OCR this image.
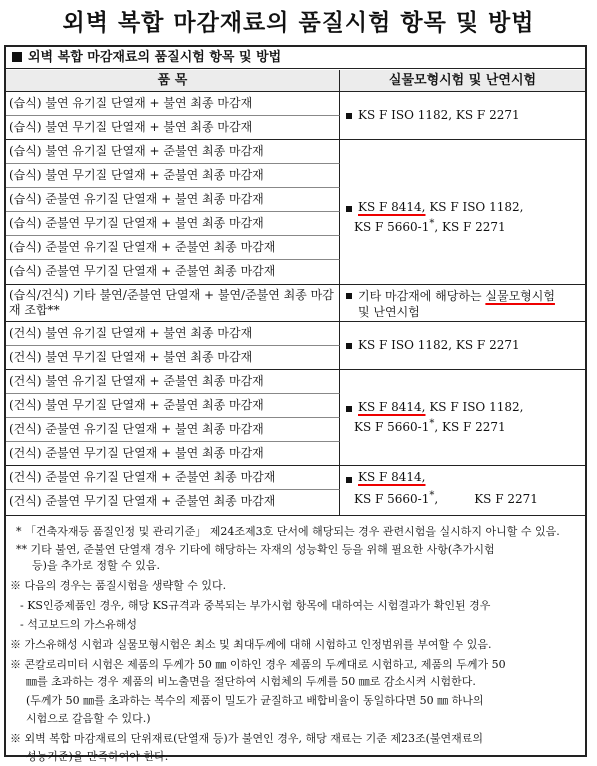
외벽 복합 마감재료의 품질시험 항목 및 방법
외벽 복합 마감재료의 품질시험 항목 및 방법
품 목	실물모형시험 및 난연시험
(습식) 불연 유기질 단열재 + 불연 최종 마감재
(습식) 불연 무기질 단열재 + 불연 최종 마감재
KS F ISO 1182, KS F 2271
(습식) 불연 유기질 단열재 + 준불연 최종 마감재
(습식) 불연 무기질 단열재 + 준불연 최종 마감재
(습식) 준불연 유기질 단열재 + 불연 최종 마감재
(습식) 준불연 무기질 단열재 + 불연 최종 마감재
(습식) 준불연 유기질 단열재 + 준불연 최종 마감재
(습식) 준불연 무기질 단열재 + 준불연 최종 마감재
KS F 8414, KS F ISO 1182,
KS F 5660-1*, KS F 2271
(습식/건식) 기타 불연/준불연 단열재 + 불연/준불연 최종 마감재 조합**
기타 마감재에 해당하는 실물모형시험
및 난연시험
(건식) 불연 유기질 단열재 + 불연 최종 마감재
(건식) 불연 무기질 단열재 + 불연 최종 마감재
KS F ISO 1182, KS F 2271
(건식) 불연 유기질 단열재 + 준불연 최종 마감재
(건식) 불연 무기질 단열재 + 준불연 최종 마감재
(건식) 준불연 유기질 단열재 + 불연 최종 마감재
(건식) 준불연 무기질 단열재 + 불연 최종 마감재
KS F 8414, KS F ISO 1182,
KS F 5660-1*, KS F 2271
(건식) 준불연 유기질 단열재 + 준불연 최종 마감재
(건식) 준불연 무기질 단열재 + 준불연 최종 마감재
KS F 8414,
KS F 5660-1*,	KS F 2271
* 「건축자재등 품질인정 및 관리기준」 제24조제3호 단서에 해당되는 경우 관련시험을 실시하지 아니할 수 있음.
** 기타 불연, 준불연 단열재 경우 기타에 해당하는 자재의 성능확인 등을 위해 필요한 사항(추가시험
등)을 추가로 정할 수 있음.
※ 다음의 경우는 품질시험을 생략할 수 있다.
- KS인증제품인 경우, 해당 KS규격과 중복되는 부가시험 항목에 대하여는 시험결과가 확인된 경우
- 석고보드의 가스유해성
※ 가스유해성 시험과 실물모형시험은 최소 및 최대두께에 대해 시험하고 인정범위를 부여할 수 있음.
※ 콘칼로리미터 시험은 제품의 두께가 50 ㎜ 이하인 경우 제품의 두께대로 시험하고, 제품의 두께가 50
㎜를 초과하는 경우 제품의 비노출면을 절단하여 시험체의 두께를 50 ㎜로 감소시켜 시험한다.
(두께가 50 ㎜를 초과하는 복수의 제품이 밀도가 균질하고 배합비율이 동일하다면 50 ㎜ 하나의
시험으로 갈음할 수 있다.)
※ 외벽 복합 마감재료의 단위재료(단열재 등)가 불연인 경우, 해당 재료는 기준 제23조(불연재료의
성능기준)을 만족하여야 한다.
